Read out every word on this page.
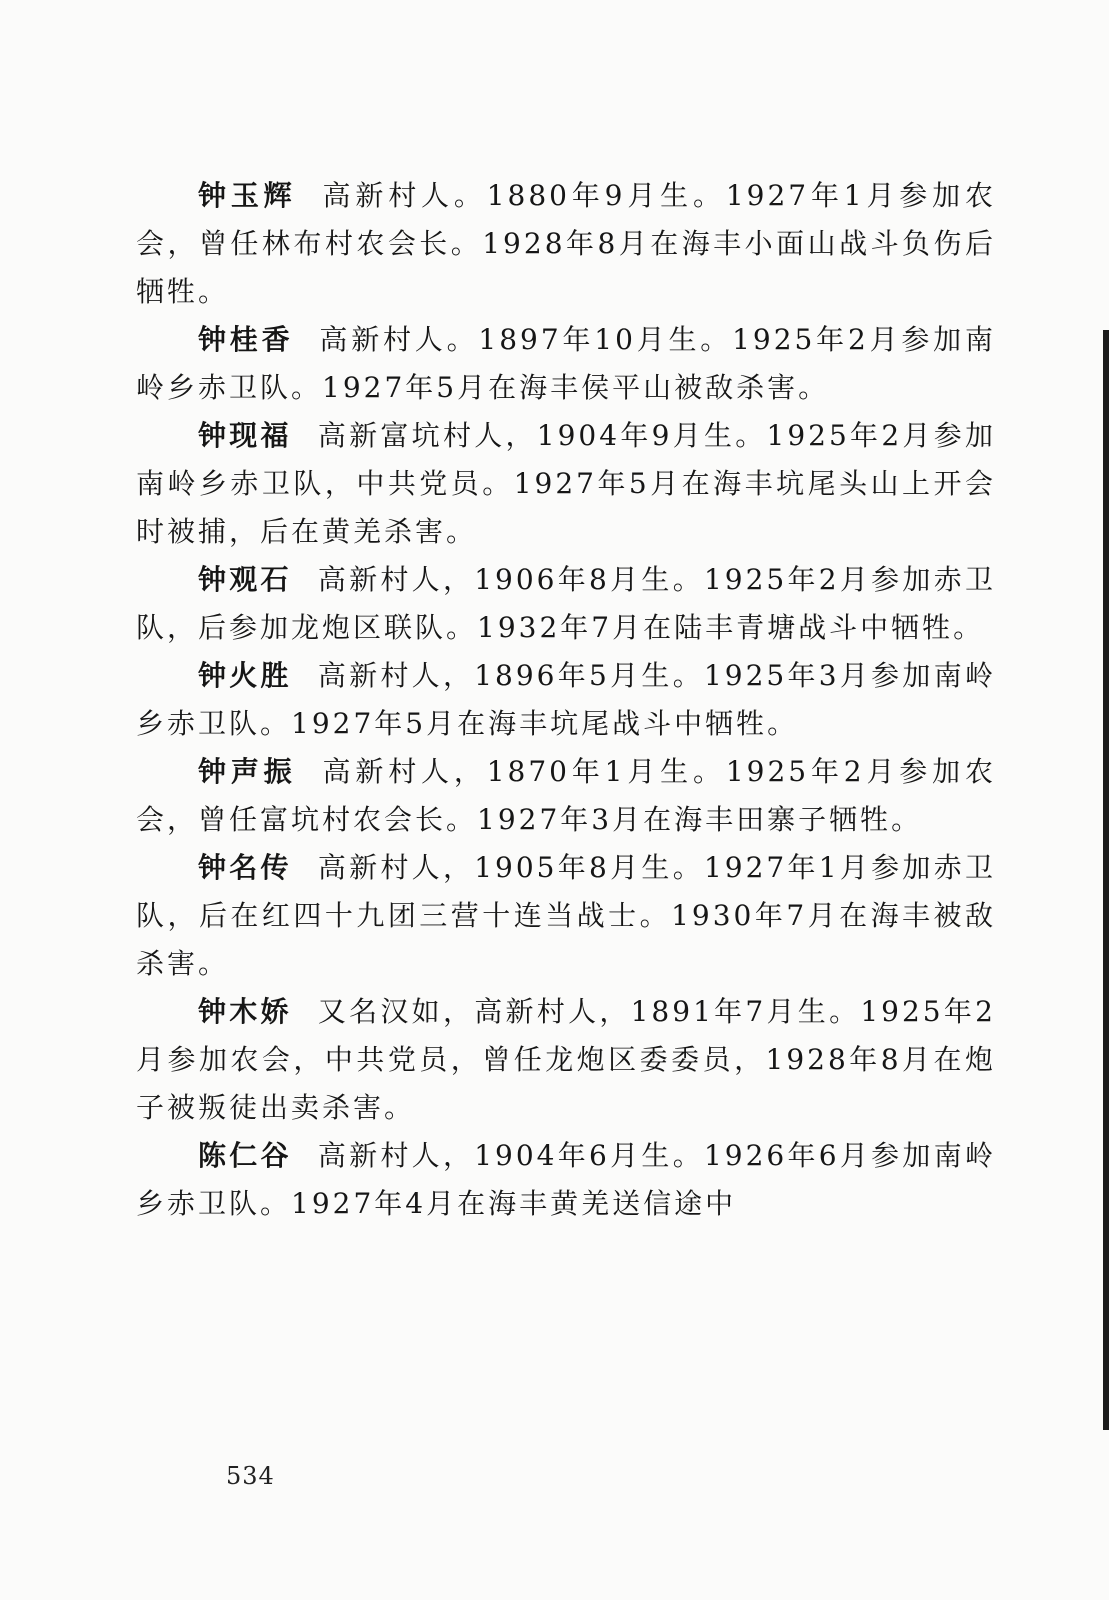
钟玉辉 高新村人。1880年9月生。1927年1月参加农会，曾任林布村农会长。1928年8月在海丰小面山战斗负伤后牺牲。

钟桂香 高新村人。1897年10月生。1925年2月参加南岭乡赤卫队。1927年5月在海丰侯平山被敌杀害。

钟现福 高新富坑村人，1904年9月生。1925年2月参加南岭乡赤卫队，中共党员。1927年5月在海丰坑尾头山上开会时被捕，后在黄羌杀害。

钟观石 高新村人，1906年8月生。1925年2月参加赤卫队，后参加龙炮区联队。1932年7月在陆丰青塘战斗中牺牲。

钟火胜 高新村人，1896年5月生。1925年3月参加南岭乡赤卫队。1927年5月在海丰坑尾战斗中牺牲。

钟声振 高新村人，1870年1月生。1925年2月参加农会，曾任富坑村农会长。1927年3月在海丰田寨子牺牲。

钟名传 高新村人，1905年8月生。1927年1月参加赤卫队，后在红四十九团三营十连当战士。1930年7月在海丰被敌杀害。

钟木娇 又名汉如，高新村人，1891年7月生。1925年2月参加农会，中共党员，曾任龙炮区委委员，1928年8月在炮子被叛徒出卖杀害。

陈仁谷 高新村人，1904年6月生。1926年6月参加南岭乡赤卫队。1927年4月在海丰黄羌送信途中

534
